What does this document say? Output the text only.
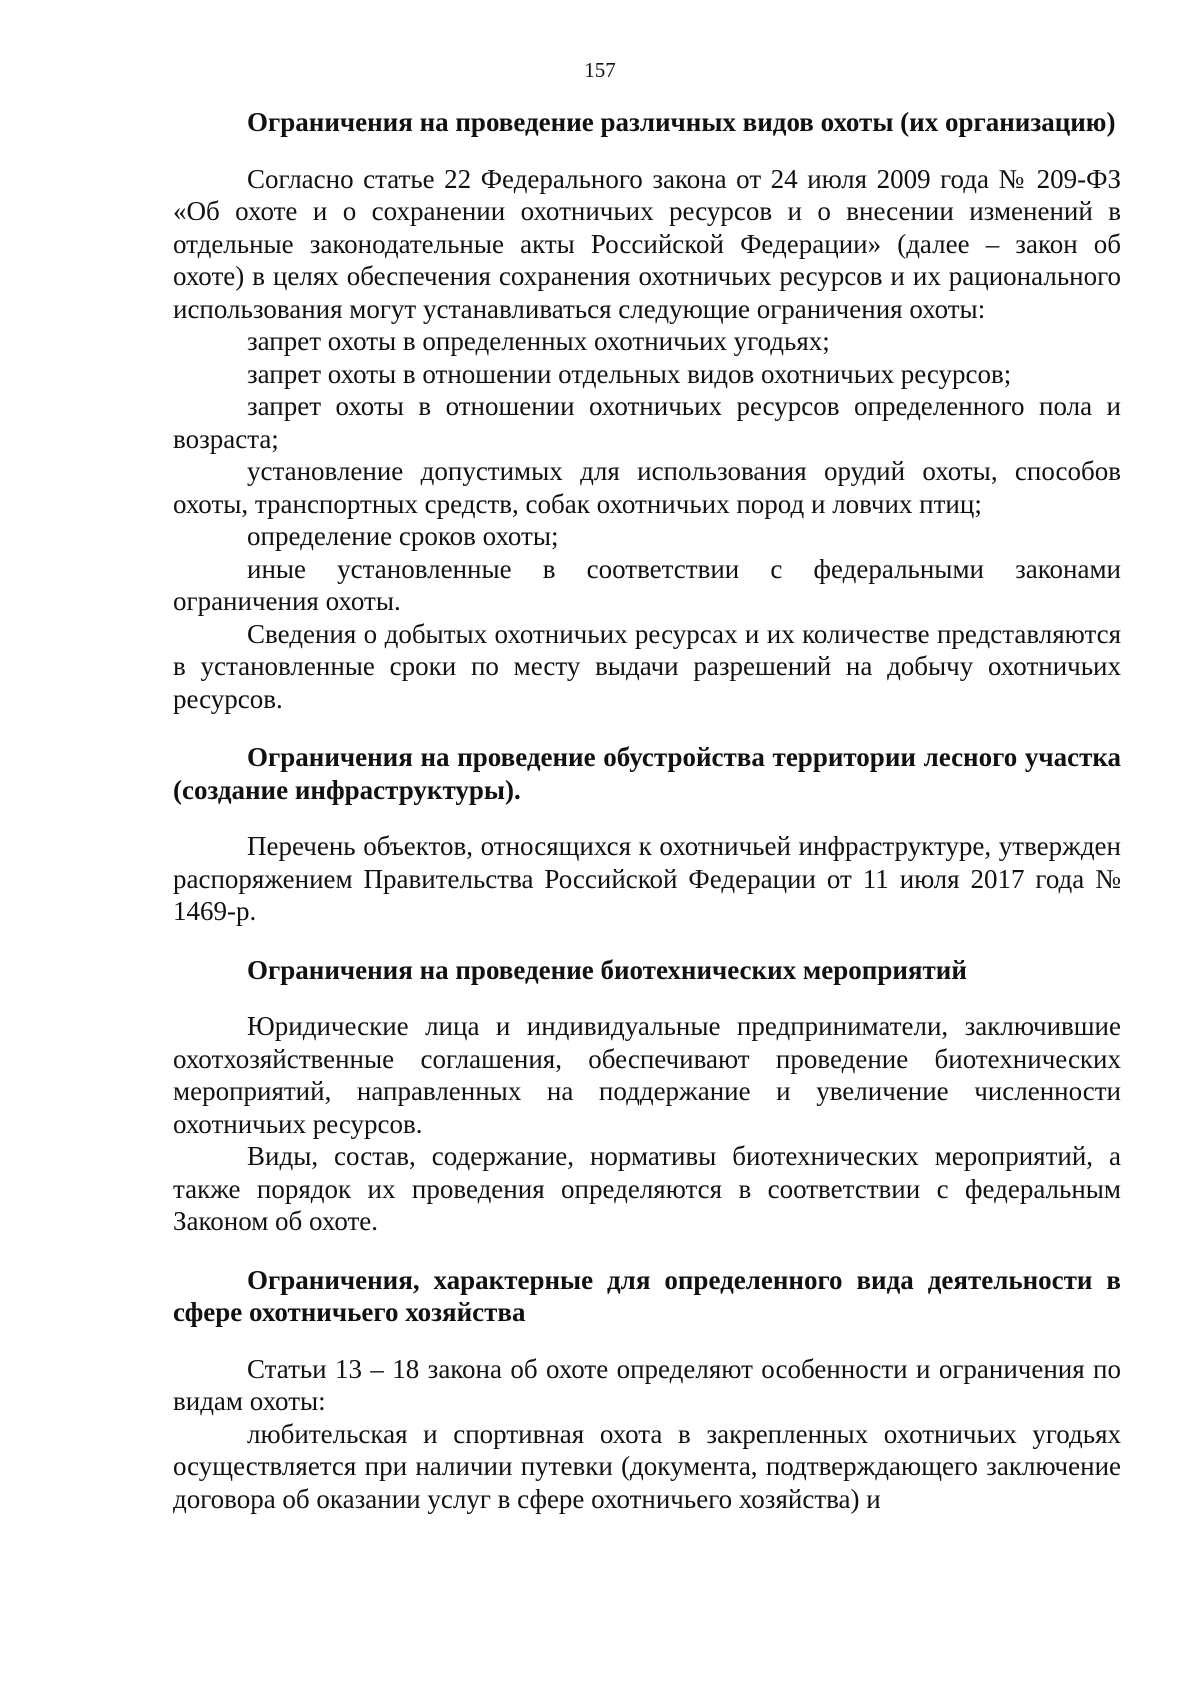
157
Ограничения на проведение различных видов охоты (их организацию)

Согласно статье 22 Федерального закона от 24 июля 2009 года № 209-ФЗ «Об охоте и о сохранении охотничьих ресурсов и о внесении изменений в отдельные законодательные акты Российской Федерации» (далее – закон об охоте) в целях обеспечения сохранения охотничьих ресурсов и их рационального использования могут устанавливаться следующие ограничения охоты:

запрет охоты в определенных охотничьих угодьях;

запрет охоты в отношении отдельных видов охотничьих ресурсов;

запрет охоты в отношении охотничьих ресурсов определенного пола и возраста;

установление допустимых для использования орудий охоты, способов охоты, транспортных средств, собак охотничьих пород и ловчих птиц;

определение сроков охоты;

иные установленные в соответствии с федеральными законами ограничения охоты.

Сведения о добытых охотничьих ресурсах и их количестве представляются в установленные сроки по месту выдачи разрешений на добычу охотничьих ресурсов.

Ограничения на проведение обустройства территории лесного участка (создание инфраструктуры).

Перечень объектов, относящихся к охотничьей инфраструктуре, утвержден распоряжением Правительства Российской Федерации от 11 июля 2017 года № 1469-р.

Ограничения на проведение биотехнических мероприятий

Юридические лица и индивидуальные предприниматели, заключившие охотхозяйственные соглашения, обеспечивают проведение биотехнических мероприятий, направленных на поддержание и увеличение численности охотничьих ресурсов.

Виды, состав, содержание, нормативы биотехнических мероприятий, а также порядок их проведения определяются в соответствии с федеральным Законом об охоте.

Ограничения, характерные для определенного вида деятельности в сфере охотничьего хозяйства

Статьи 13 – 18 закона об охоте определяют особенности и ограничения по видам охоты:

любительская и спортивная охота в закрепленных охотничьих угодьях осуществляется при наличии путевки (документа, подтверждающего заключение договора об оказании услуг в сфере охотничьего хозяйства) и
